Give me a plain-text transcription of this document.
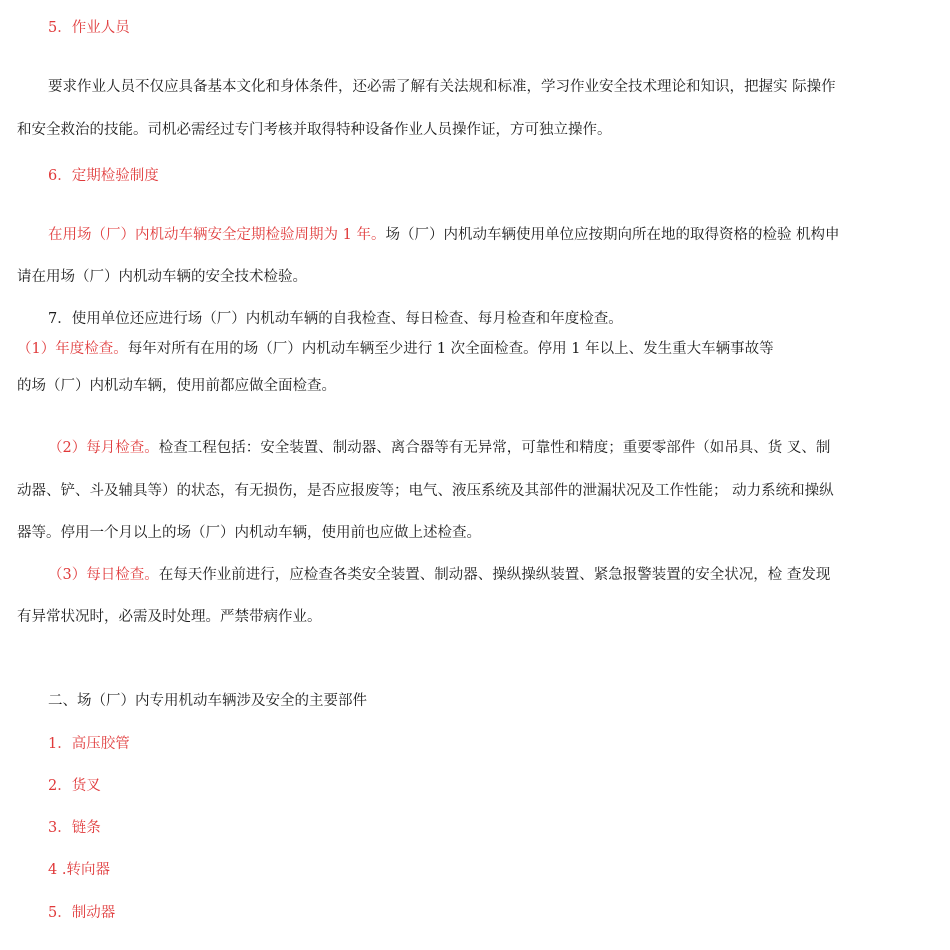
5．作业人员
要求作业人员不仅应具备基本文化和身体条件，还必需了解有关法规和标准，学习作业安全技术理论和知识，把握实 际操作
和安全救治的技能。司机必需经过专门考核并取得特种设备作业人员操作证，方可独立操作。
6．定期检验制度
在用场（厂）内机动车辆安全定期检验周期为 1 年。场（厂）内机动车辆使用单位应按期向所在地的取得资格的检验 机构申
请在用场（厂）内机动车辆的安全技术检验。
7．使用单位还应进行场（厂）内机动车辆的自我检查、每日检查、每月检查和年度检查。
（1）年度检查。每年对所有在用的场（厂）内机动车辆至少进行 1 次全面检查。停用 1 年以上、发生重大车辆事故等
的场（厂）内机动车辆，使用前都应做全面检查。
（2）每月检查。检查工程包括：安全装置、制动器、离合器等有无异常，可靠性和精度；重要零部件（如吊具、货 叉、制
动器、铲、斗及辅具等）的状态，有无损伤，是否应报废等；电气、液压系统及其部件的泄漏状况及工作性能； 动力系统和操纵
器等。停用一个月以上的场（厂）内机动车辆，使用前也应做上述检查。
（3）每日检查。在每天作业前进行，应检查各类安全装置、制动器、操纵操纵装置、紧急报警装置的安全状况，检 查发现
有异常状况时，必需及时处理。严禁带病作业。
二、场（厂）内专用机动车辆涉及安全的主要部件
1．高压胶管
2．货叉
3．链条
4 .转向器
5．制动器
